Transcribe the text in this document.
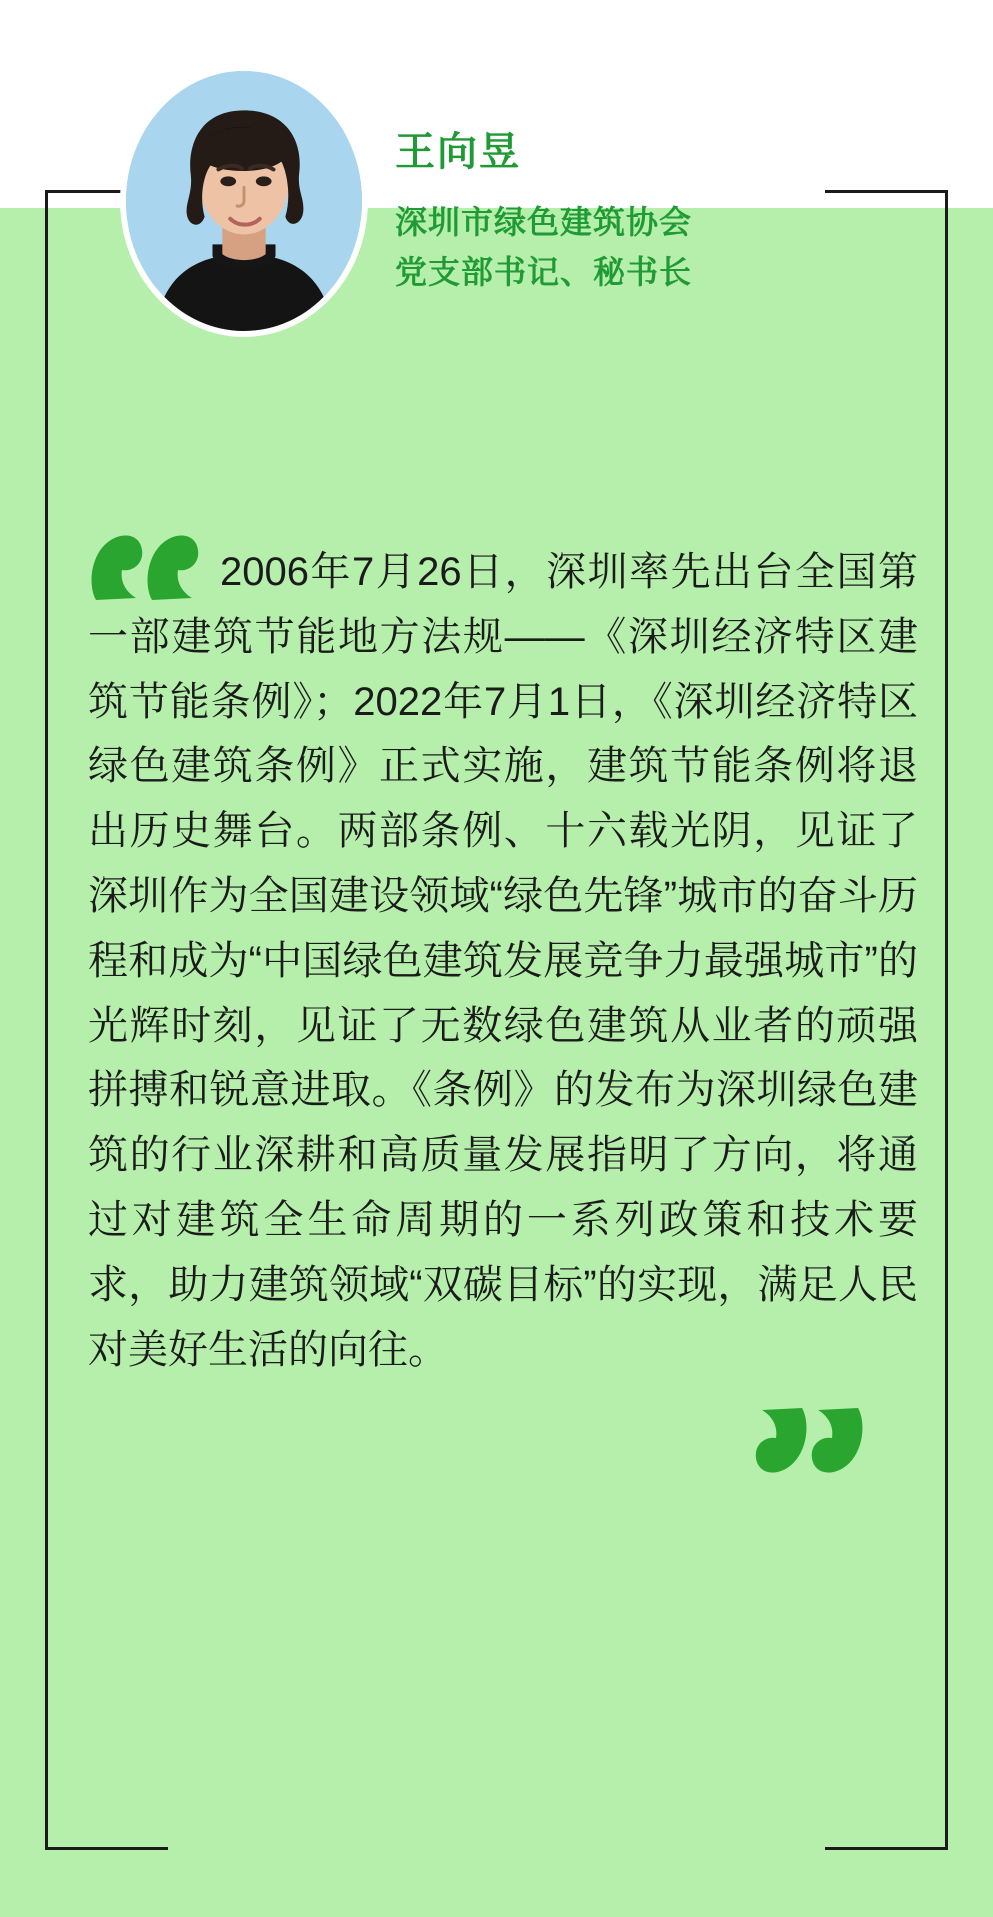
王向昱
深圳市绿色建筑协会党支部书记、秘书长
2006年7月26日，深圳率先出台全国第一部建筑节能地方法规——《深圳经济特区建筑节能条例》；2022年7月1日，《深圳经济特区绿色建筑条例》正式实施，建筑节能条例将退出历史舞台。两部条例、十六载光阴，见证了深圳作为全国建设领域“绿色先锋”城市的奋斗历程和成为“中国绿色建筑发展竞争力最强城市”的光辉时刻，见证了无数绿色建筑从业者的顽强拼搏和锐意进取。《条例》的发布为深圳绿色建筑的行业深耕和高质量发展指明了方向，将通过对建筑全生命周期的一系列政策和技术要求，助力建筑领域“双碳目标”的实现，满足人民对美好生活的向往。
